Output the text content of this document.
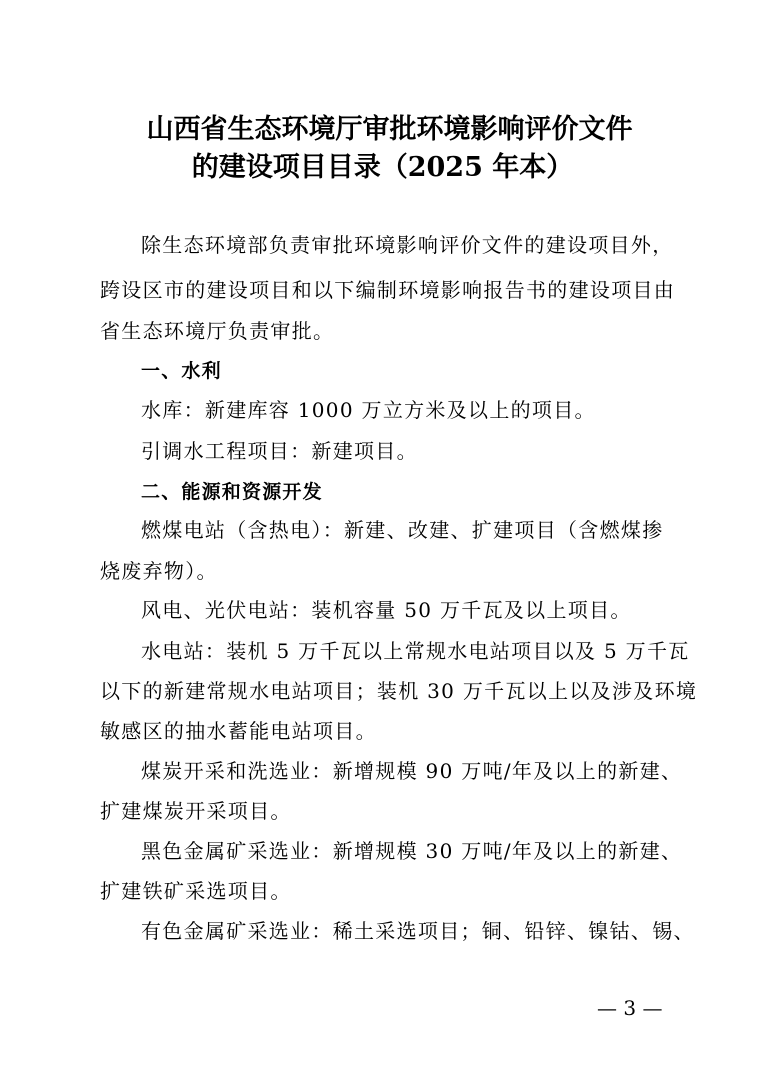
山西省生态环境厅审批环境影响评价文件
的建设项目目录（2025 年本）
除生态环境部负责审批环境影响评价文件的建设项目外，
跨设区市的建设项目和以下编制环境影响报告书的建设项目由
省生态环境厅负责审批。
一、水利
水库：新建库容 1000 万立方米及以上的项目。
引调水工程项目：新建项目。
二、能源和资源开发
燃煤电站（含热电）：新建、改建、扩建项目（含燃煤掺
烧废弃物）。
风电、光伏电站：装机容量 50 万千瓦及以上项目。
水电站：装机 5 万千瓦以上常规水电站项目以及 5 万千瓦
以下的新建常规水电站项目；装机 30 万千瓦以上以及涉及环境
敏感区的抽水蓄能电站项目。
煤炭开采和洗选业：新增规模 90 万吨/年及以上的新建、
扩建煤炭开采项目。
黑色金属矿采选业：新增规模 30 万吨/年及以上的新建、
扩建铁矿采选项目。
有色金属矿采选业：稀土采选项目；铜、铅锌、镍钴、锡、
— 3 —
